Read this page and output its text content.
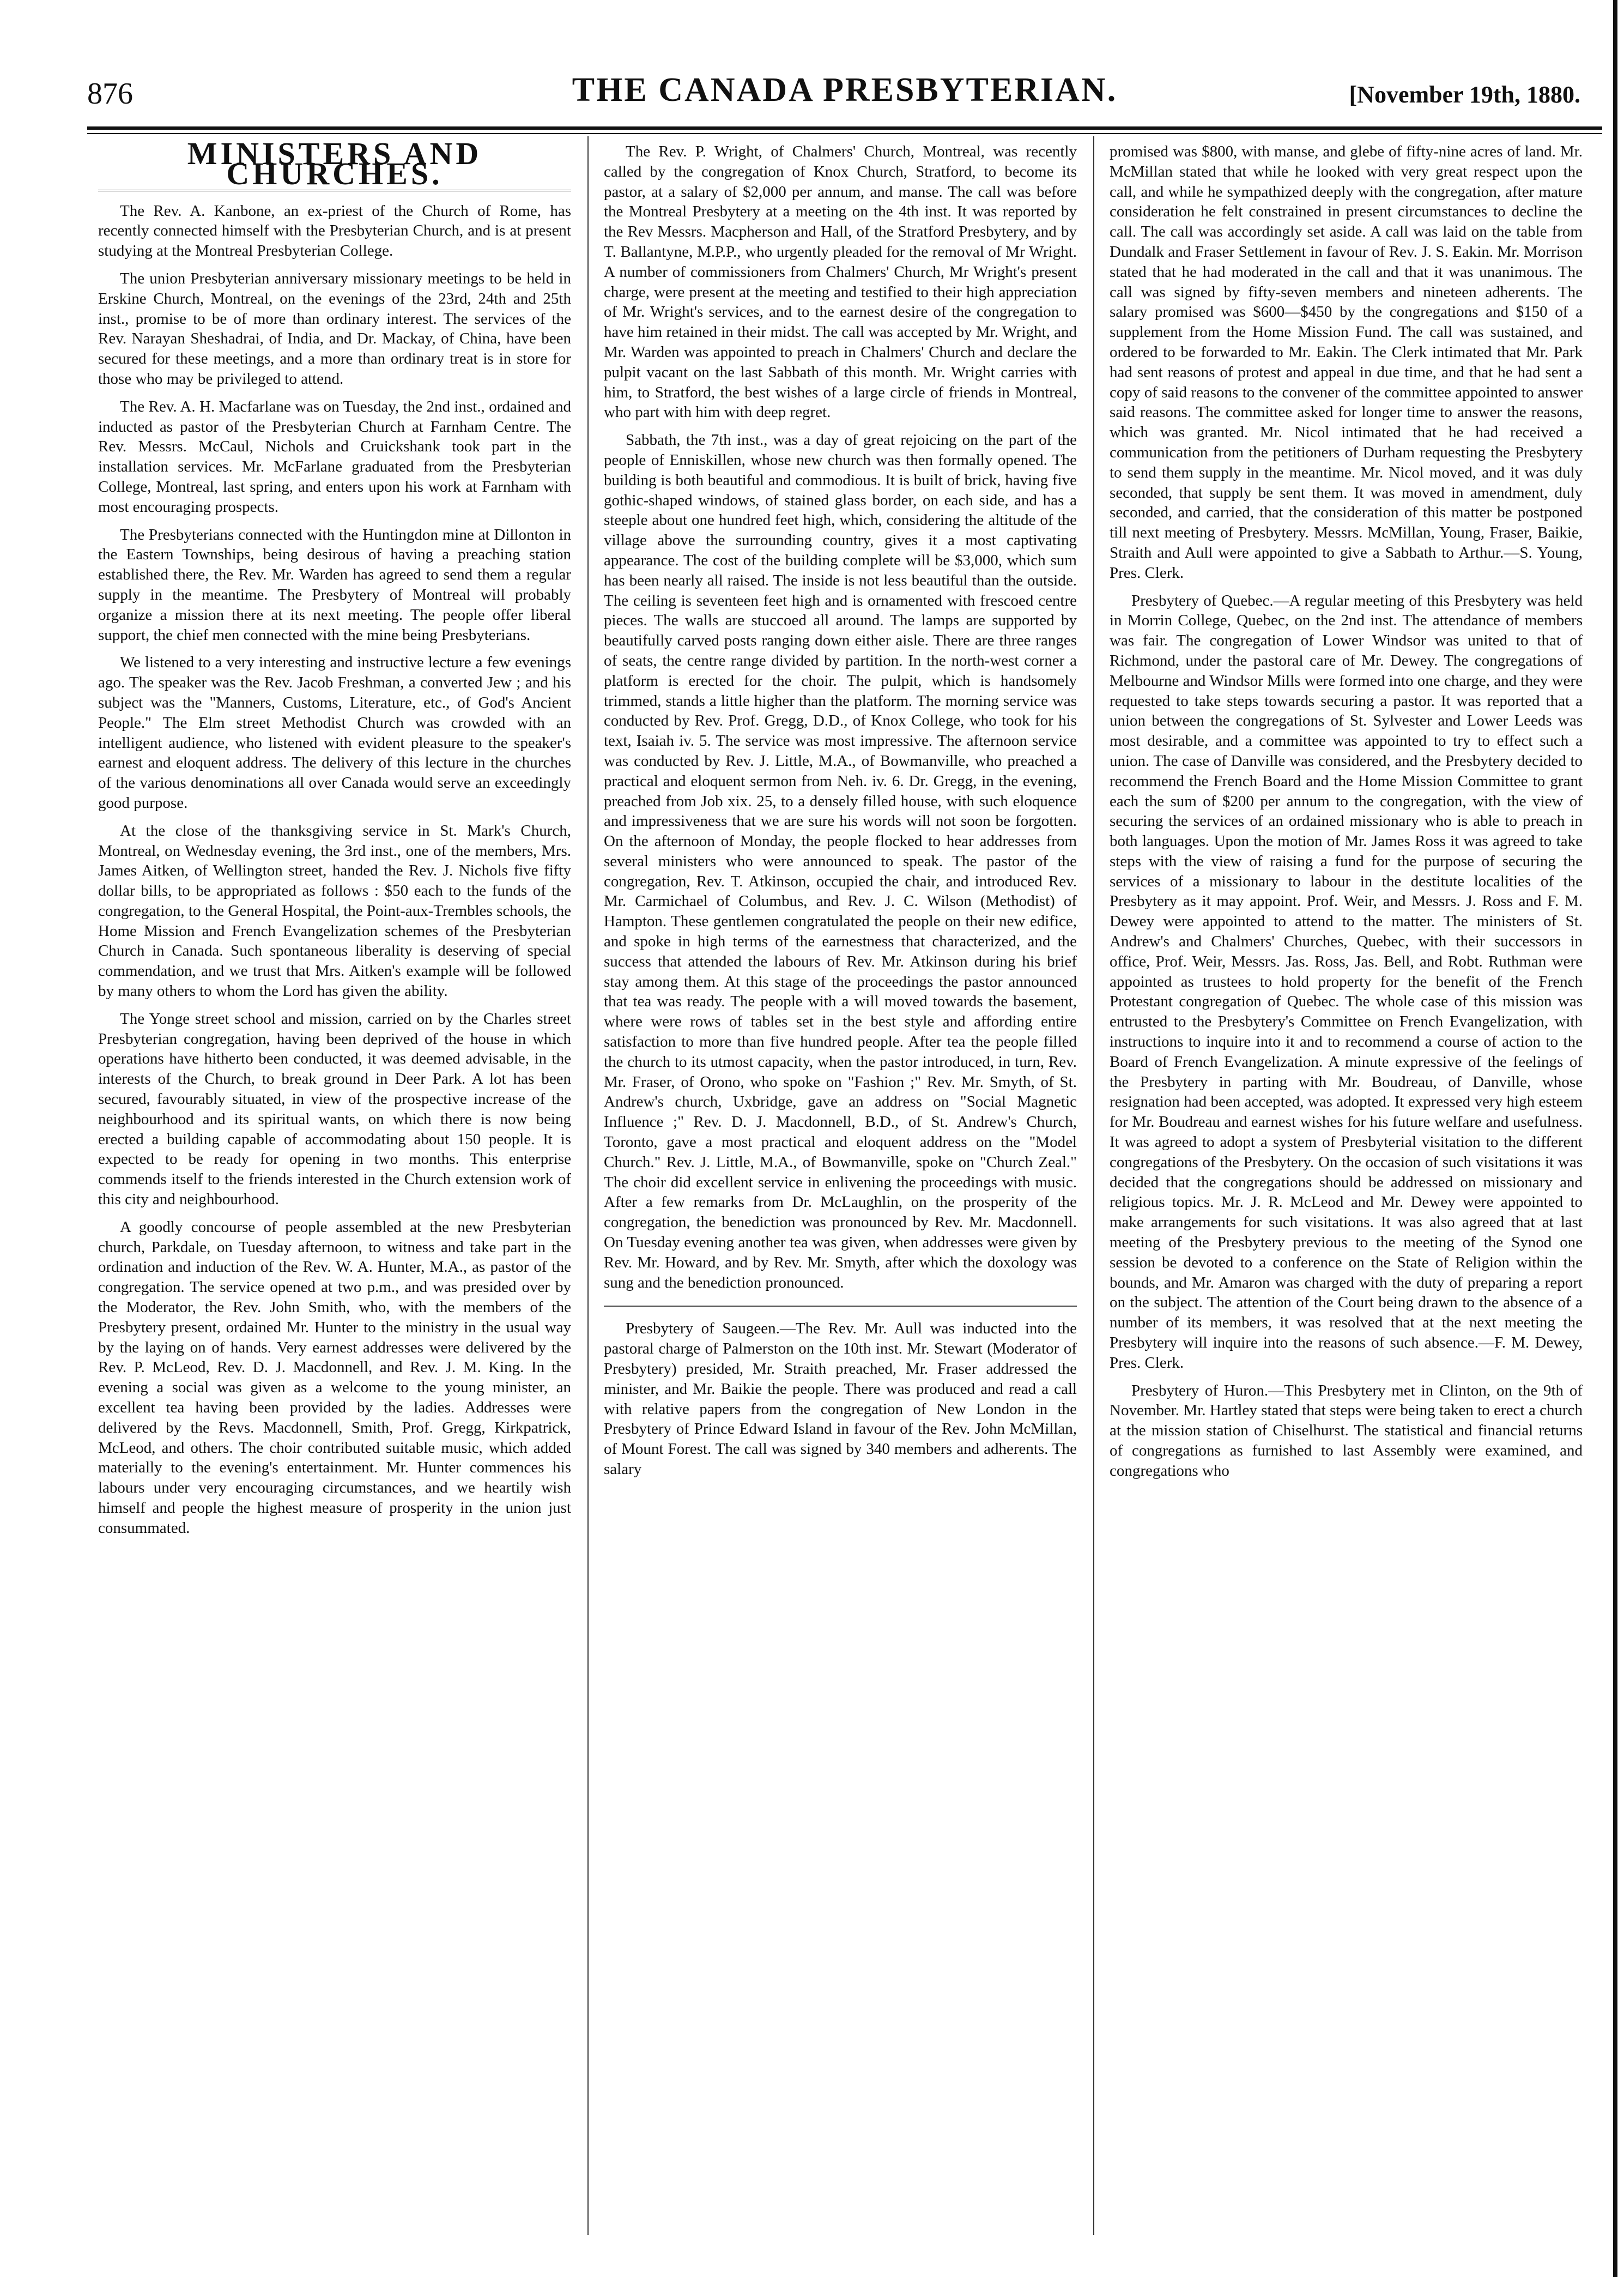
876	THE CANADA PRESBYTERIAN.	[November 19th, 1880.
MINISTERS AND CHURCHES.

The Rev. A. Kanbone, an ex-priest of the Church of Rome, has recently connected himself with the Presbyterian Church, and is at present studying at the Montreal Presbyterian College.

The union Presbyterian anniversary missionary meetings to be held in Erskine Church, Montreal, on the evenings of the 23rd, 24th and 25th inst., promise to be of more than ordinary interest. The services of the Rev. Narayan Sheshadrai, of India, and Dr. Mackay, of China, have been secured for these meetings, and a more than ordinary treat is in store for those who may be privileged to attend.

The Rev. A. H. Macfarlane was on Tuesday, the 2nd inst., ordained and inducted as pastor of the Presbyterian Church at Farnham Centre. The Rev. Messrs. McCaul, Nichols and Cruickshank took part in the installation services. Mr. McFarlane graduated from the Presbyterian College, Montreal, last spring, and enters upon his work at Farnham with most encouraging prospects.

The Presbyterians connected with the Huntingdon mine at Dillonton in the Eastern Townships, being desirous of having a preaching station established there, the Rev. Mr. Warden has agreed to send them a regular supply in the meantime. The Presbytery of Montreal will probably organize a mission there at its next meeting. The people offer liberal support, the chief men connected with the mine being Presbyterians.

We listened to a very interesting and instructive lecture a few evenings ago. The speaker was the Rev. Jacob Freshman, a converted Jew ; and his subject was the "Manners, Customs, Literature, etc., of God's Ancient People." The Elm street Methodist Church was crowded with an intelligent audience, who listened with evident pleasure to the speaker's earnest and eloquent address. The delivery of this lecture in the churches of the various denominations all over Canada would serve an exceedingly good purpose.

At the close of the thanksgiving service in St. Mark's Church, Montreal, on Wednesday evening, the 3rd inst., one of the members, Mrs. James Aitken, of Wellington street, handed the Rev. J. Nichols five fifty dollar bills, to be appropriated as follows : $50 each to the funds of the congregation, to the General Hospital, the Point-aux-Trembles schools, the Home Mission and French Evangelization schemes of the Presbyterian Church in Canada. Such spontaneous liberality is deserving of special commendation, and we trust that Mrs. Aitken's example will be followed by many others to whom the Lord has given the ability.

The Yonge street school and mission, carried on by the Charles street Presbyterian congregation, having been deprived of the house in which operations have hitherto been conducted, it was deemed advisable, in the interests of the Church, to break ground in Deer Park. A lot has been secured, favourably situated, in view of the prospective increase of the neighbourhood and its spiritual wants, on which there is now being erected a building capable of accommodating about 150 people. It is expected to be ready for opening in two months. This enterprise commends itself to the friends interested in the Church extension work of this city and neighbourhood.

A goodly concourse of people assembled at the new Presbyterian church, Parkdale, on Tuesday afternoon, to witness and take part in the ordination and induction of the Rev. W. A. Hunter, M.A., as pastor of the congregation. The service opened at two p.m., and was presided over by the Moderator, the Rev. John Smith, who, with the members of the Presbytery present, ordained Mr. Hunter to the ministry in the usual way by the laying on of hands. Very earnest addresses were delivered by the Rev. P. McLeod, Rev. D. J. Macdonnell, and Rev. J. M. King. In the evening a social was given as a welcome to the young minister, an excellent tea having been provided by the ladies. Addresses were delivered by the Revs. Macdonnell, Smith, Prof. Gregg, Kirkpatrick, McLeod, and others. The choir contributed suitable music, which added materially to the evening's entertainment. Mr. Hunter commences his labours under very encouraging circumstances, and we heartily wish himself and people the highest measure of prosperity in the union just consummated.

The Rev. P. Wright, of Chalmers' Church, Montreal, was recently called by the congregation of Knox Church, Stratford, to become its pastor, at a salary of $2,000 per annum, and manse. The call was before the Montreal Presbytery at a meeting on the 4th inst. It was reported by the Rev Messrs. Macpherson and Hall, of the Stratford Presbytery, and by T. Ballantyne, M.P.P., who urgently pleaded for the removal of Mr Wright. A number of commissioners from Chalmers' Church, Mr Wright's present charge, were present at the meeting and testified to their high appreciation of Mr. Wright's services, and to the earnest desire of the congregation to have him retained in their midst. The call was accepted by Mr. Wright, and Mr. Warden was appointed to preach in Chalmers' Church and declare the pulpit vacant on the last Sabbath of this month. Mr. Wright carries with him, to Stratford, the best wishes of a large circle of friends in Montreal, who part with him with deep regret.

Sabbath, the 7th inst., was a day of great rejoicing on the part of the people of Enniskillen, whose new church was then formally opened. The building is both beautiful and commodious. It is built of brick, having five gothic-shaped windows, of stained glass border, on each side, and has a steeple about one hundred feet high, which, considering the altitude of the village above the surrounding country, gives it a most captivating appearance. The cost of the building complete will be $3,000, which sum has been nearly all raised. The inside is not less beautiful than the outside. The ceiling is seventeen feet high and is ornamented with frescoed centre pieces. The walls are stuccoed all around. The lamps are supported by beautifully carved posts ranging down either aisle. There are three ranges of seats, the centre range divided by partition. In the north-west corner a platform is erected for the choir. The pulpit, which is handsomely trimmed, stands a little higher than the platform. The morning service was conducted by Rev. Prof. Gregg, D.D., of Knox College, who took for his text, Isaiah iv. 5. The service was most impressive. The afternoon service was conducted by Rev. J. Little, M.A., of Bowmanville, who preached a practical and eloquent sermon from Neh. iv. 6. Dr. Gregg, in the evening, preached from Job xix. 25, to a densely filled house, with such eloquence and impressiveness that we are sure his words will not soon be forgotten. On the afternoon of Monday, the people flocked to hear addresses from several ministers who were announced to speak. The pastor of the congregation, Rev. T. Atkinson, occupied the chair, and introduced Rev. Mr. Carmichael of Columbus, and Rev. J. C. Wilson (Methodist) of Hampton. These gentlemen congratulated the people on their new edifice, and spoke in high terms of the earnestness that characterized, and the success that attended the labours of Rev. Mr. Atkinson during his brief stay among them. At this stage of the proceedings the pastor announced that tea was ready. The people with a will moved towards the basement, where were rows of tables set in the best style and affording entire satisfaction to more than five hundred people. After tea the people filled the church to its utmost capacity, when the pastor introduced, in turn, Rev. Mr. Fraser, of Orono, who spoke on "Fashion ;" Rev. Mr. Smyth, of St. Andrew's church, Uxbridge, gave an address on "Social Magnetic Influence ;" Rev. D. J. Macdonnell, B.D., of St. Andrew's Church, Toronto, gave a most practical and eloquent address on the "Model Church." Rev. J. Little, M.A., of Bowmanville, spoke on "Church Zeal." The choir did excellent service in enlivening the proceedings with music. After a few remarks from Dr. McLaughlin, on the prosperity of the congregation, the benediction was pronounced by Rev. Mr. Macdonnell. On Tuesday evening another tea was given, when addresses were given by Rev. Mr. Howard, and by Rev. Mr. Smyth, after which the doxology was sung and the benediction pronounced.

Presbytery of Saugeen.—The Rev. Mr. Aull was inducted into the pastoral charge of Palmerston on the 10th inst. Mr. Stewart (Moderator of Presbytery) presided, Mr. Straith preached, Mr. Fraser addressed the minister, and Mr. Baikie the people. There was produced and read a call with relative papers from the congregation of New London in the Presbytery of Prince Edward Island in favour of the Rev. John McMillan, of Mount Forest. The call was signed by 340 members and adherents. The salary

promised was $800, with manse, and glebe of fifty-nine acres of land. Mr. McMillan stated that while he looked with very great respect upon the call, and while he sympathized deeply with the congregation, after mature consideration he felt constrained in present circumstances to decline the call. The call was accordingly set aside. A call was laid on the table from Dundalk and Fraser Settlement in favour of Rev. J. S. Eakin. Mr. Morrison stated that he had moderated in the call and that it was unanimous. The call was signed by fifty-seven members and nineteen adherents. The salary promised was $600—$450 by the congregations and $150 of a supplement from the Home Mission Fund. The call was sustained, and ordered to be forwarded to Mr. Eakin. The Clerk intimated that Mr. Park had sent reasons of protest and appeal in due time, and that he had sent a copy of said reasons to the convener of the committee appointed to answer said reasons. The committee asked for longer time to answer the reasons, which was granted. Mr. Nicol intimated that he had received a communication from the petitioners of Durham requesting the Presbytery to send them supply in the meantime. Mr. Nicol moved, and it was duly seconded, that supply be sent them. It was moved in amendment, duly seconded, and carried, that the consideration of this matter be postponed till next meeting of Presbytery. Messrs. McMillan, Young, Fraser, Baikie, Straith and Aull were appointed to give a Sabbath to Arthur.—S. Young, Pres. Clerk.

Presbytery of Quebec.—A regular meeting of this Presbytery was held in Morrin College, Quebec, on the 2nd inst. The attendance of members was fair. The congregation of Lower Windsor was united to that of Richmond, under the pastoral care of Mr. Dewey. The congregations of Melbourne and Windsor Mills were formed into one charge, and they were requested to take steps towards securing a pastor. It was reported that a union between the congregations of St. Sylvester and Lower Leeds was most desirable, and a committee was appointed to try to effect such a union. The case of Danville was considered, and the Presbytery decided to recommend the French Board and the Home Mission Committee to grant each the sum of $200 per annum to the congregation, with the view of securing the services of an ordained missionary who is able to preach in both languages. Upon the motion of Mr. James Ross it was agreed to take steps with the view of raising a fund for the purpose of securing the services of a missionary to labour in the destitute localities of the Presbytery as it may appoint. Prof. Weir, and Messrs. J. Ross and F. M. Dewey were appointed to attend to the matter. The ministers of St. Andrew's and Chalmers' Churches, Quebec, with their successors in office, Prof. Weir, Messrs. Jas. Ross, Jas. Bell, and Robt. Ruthman were appointed as trustees to hold property for the benefit of the French Protestant congregation of Quebec. The whole case of this mission was entrusted to the Presbytery's Committee on French Evangelization, with instructions to inquire into it and to recommend a course of action to the Board of French Evangelization. A minute expressive of the feelings of the Presbytery in parting with Mr. Boudreau, of Danville, whose resignation had been accepted, was adopted. It expressed very high esteem for Mr. Boudreau and earnest wishes for his future welfare and usefulness. It was agreed to adopt a system of Presbyterial visitation to the different congregations of the Presbytery. On the occasion of such visitations it was decided that the congregations should be addressed on missionary and religious topics. Mr. J. R. McLeod and Mr. Dewey were appointed to make arrangements for such visitations. It was also agreed that at last meeting of the Presbytery previous to the meeting of the Synod one session be devoted to a conference on the State of Religion within the bounds, and Mr. Amaron was charged with the duty of preparing a report on the subject. The attention of the Court being drawn to the absence of a number of its members, it was resolved that at the next meeting the Presbytery will inquire into the reasons of such absence.—F. M. Dewey, Pres. Clerk.

Presbytery of Huron.—This Presbytery met in Clinton, on the 9th of November. Mr. Hartley stated that steps were being taken to erect a church at the mission station of Chiselhurst. The statistical and financial returns of congregations as furnished to last Assembly were examined, and congregations who
